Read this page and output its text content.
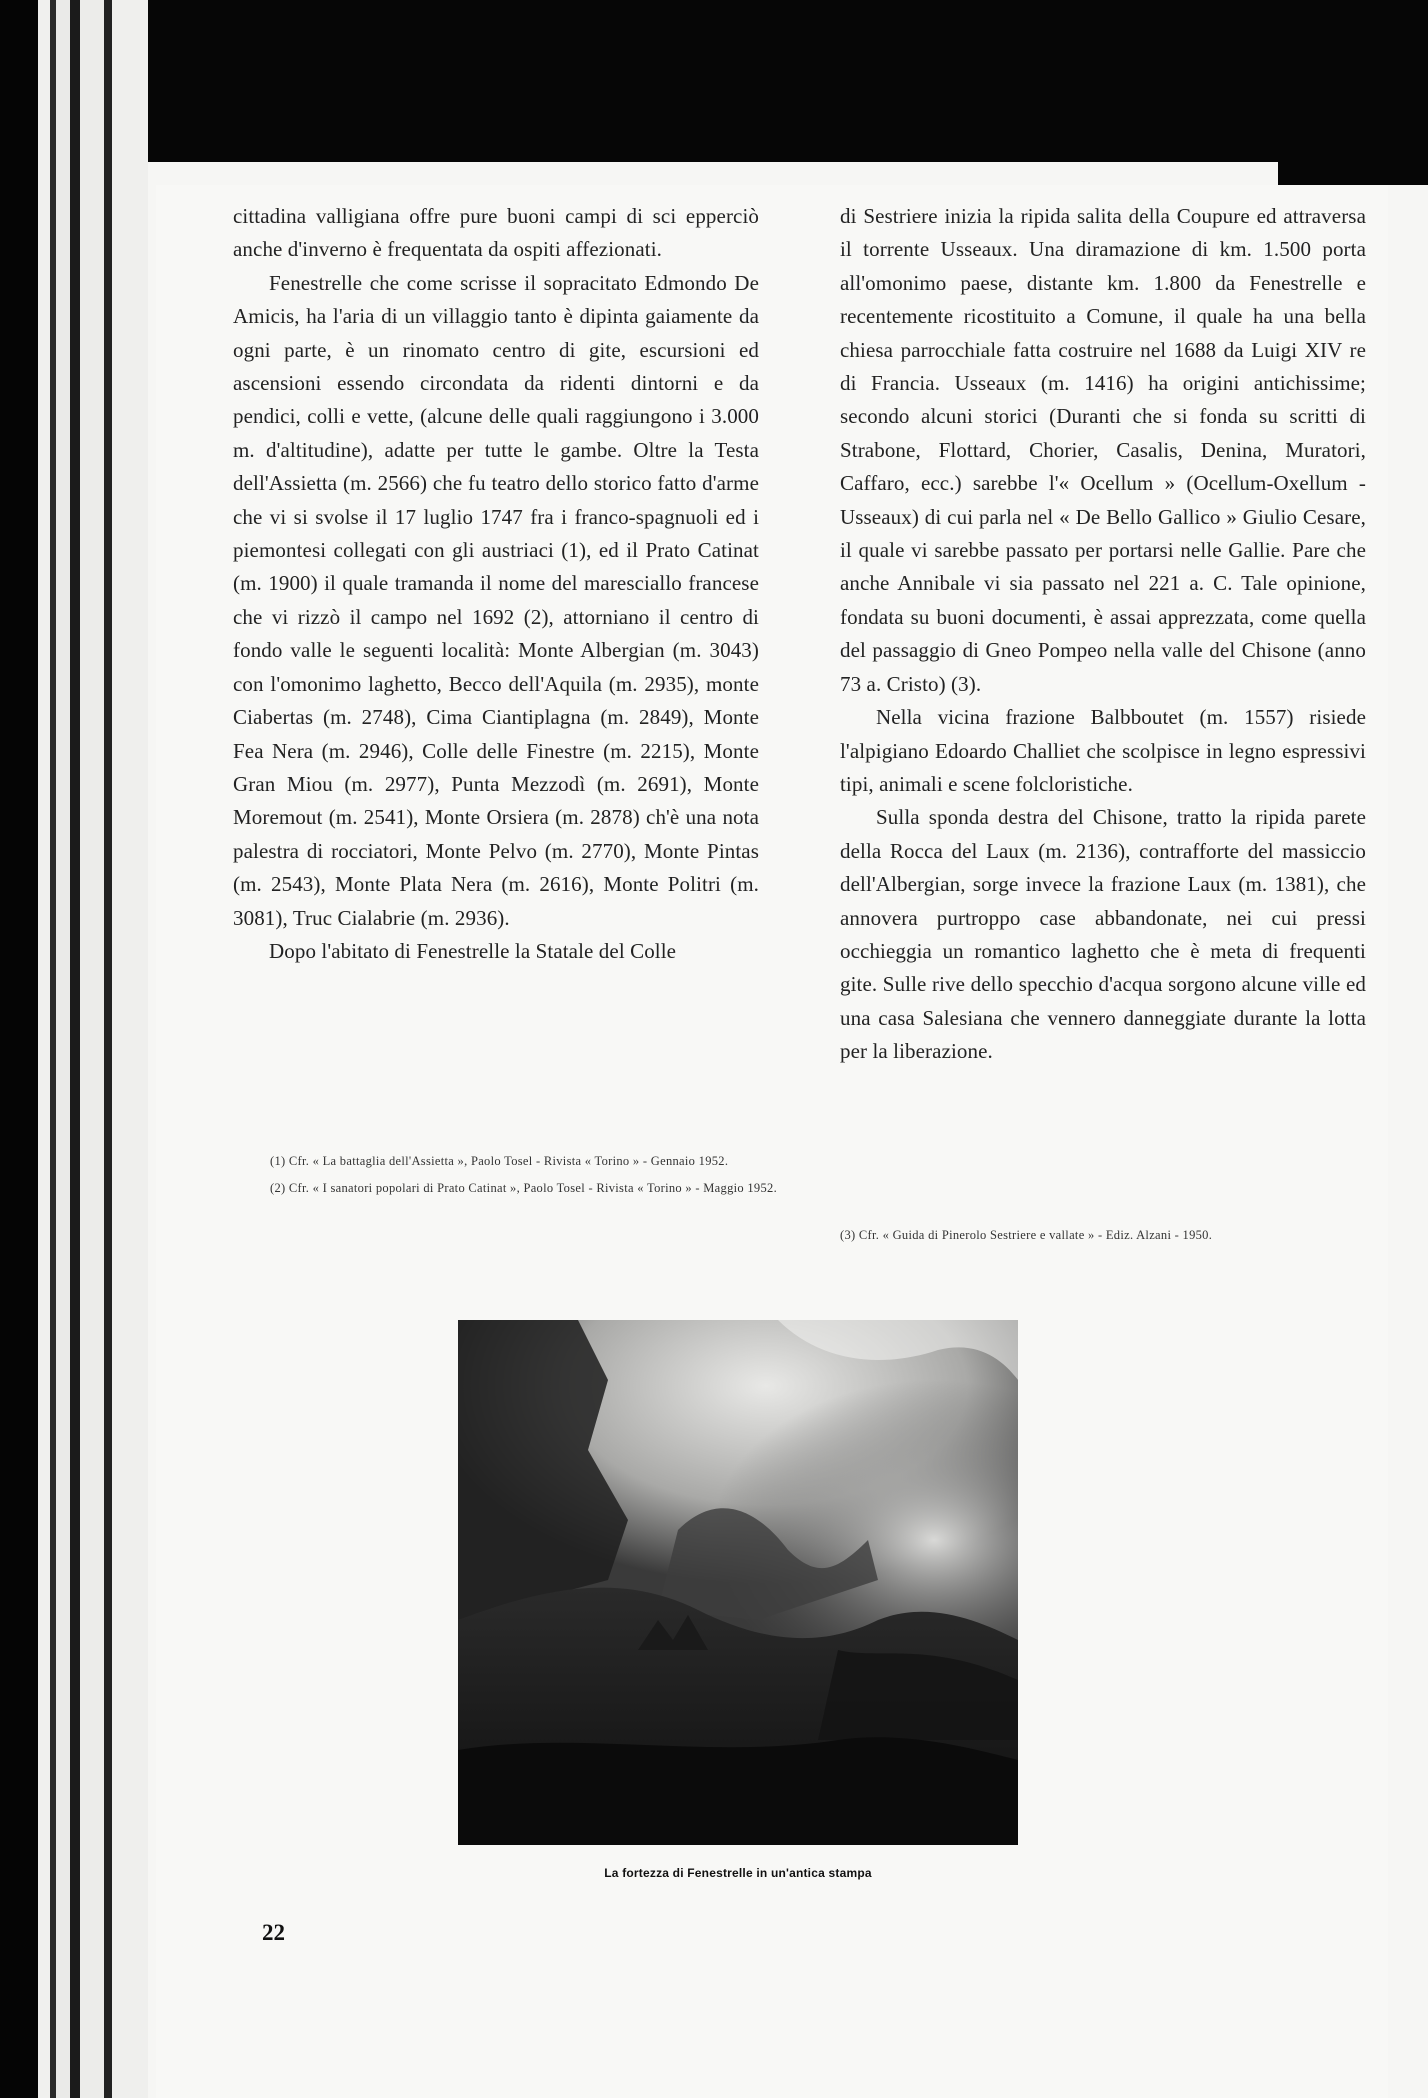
cittadina valligiana offre pure buoni campi di sci epperciò anche d'inverno è frequentata da ospiti affezionati.

Fenestrelle che come scrisse il sopracitato Edmondo De Amicis, ha l'aria di un villaggio tanto è dipinta gaiamente da ogni parte, è un rinomato centro di gite, escursioni ed ascensioni essendo circondata da ridenti dintorni e da pendici, colli e vette, (alcune delle quali raggiungono i 3.000 m. d'altitudine), adatte per tutte le gambe. Oltre la Testa dell'Assietta (m. 2566) che fu teatro dello storico fatto d'arme che vi si svolse il 17 luglio 1747 fra i franco-spagnuoli ed i piemontesi collegati con gli austriaci (1), ed il Prato Catinat (m. 1900) il quale tramanda il nome del maresciallo francese che vi rizzò il campo nel 1692 (2), attorniano il centro di fondo valle le seguenti località: Monte Albergian (m. 3043) con l'omonimo laghetto, Becco dell'Aquila (m. 2935), monte Ciabertas (m. 2748), Cima Ciantiplagna (m. 2849), Monte Fea Nera (m. 2946), Colle delle Finestre (m. 2215), Monte Gran Miou (m. 2977), Punta Mezzodì (m. 2691), Monte Moremout (m. 2541), Monte Orsiera (m. 2878) ch'è una nota palestra di rocciatori, Monte Pelvo (m. 2770), Monte Pintas (m. 2543), Monte Plata Nera (m. 2616), Monte Politri (m. 3081), Truc Cialabrie (m. 2936).

Dopo l'abitato di Fenestrelle la Statale del Colle

(1) Cfr. « La battaglia dell'Assietta », Paolo Tosel - Rivista « Torino » - Gennaio 1952.

(2) Cfr. « I sanatori popolari di Prato Catinat », Paolo Tosel - Rivista « Torino » - Maggio 1952.

di Sestriere inizia la ripida salita della Coupure ed attraversa il torrente Usseaux. Una diramazione di km. 1.500 porta all'omonimo paese, distante km. 1.800 da Fenestrelle e recentemente ricostituito a Comune, il quale ha una bella chiesa parrocchiale fatta costruire nel 1688 da Luigi XIV re di Francia. Usseaux (m. 1416) ha origini antichissime; secondo alcuni storici (Duranti che si fonda su scritti di Strabone, Flottard, Chorier, Casalis, Denina, Muratori, Caffaro, ecc.) sarebbe l'« Ocellum » (Ocellum-Oxellum - Usseaux) di cui parla nel « De Bello Gallico » Giulio Cesare, il quale vi sarebbe passato per portarsi nelle Gallie. Pare che anche Annibale vi sia passato nel 221 a. C. Tale opinione, fondata su buoni documenti, è assai apprezzata, come quella del passaggio di Gneo Pompeo nella valle del Chisone (anno 73 a. Cristo) (3).

Nella vicina frazione Balbboutet (m. 1557) risiede l'alpigiano Edoardo Challiet che scolpisce in legno espressivi tipi, animali e scene folcloristiche.

Sulla sponda destra del Chisone, tratto la ripida parete della Rocca del Laux (m. 2136), contrafforte del massiccio dell'Albergian, sorge invece la frazione Laux (m. 1381), che annovera purtroppo case abbandonate, nei cui pressi occhieggia un romantico laghetto che è meta di frequenti gite. Sulle rive dello specchio d'acqua sorgono alcune ville ed una casa Salesiana che vennero danneggiate durante la lotta per la liberazione.

(3) Cfr. « Guida di Pinerolo Sestriere e vallate » - Ediz. Alzani - 1950.

La fortezza di Fenestrelle in un'antica stampa
22
